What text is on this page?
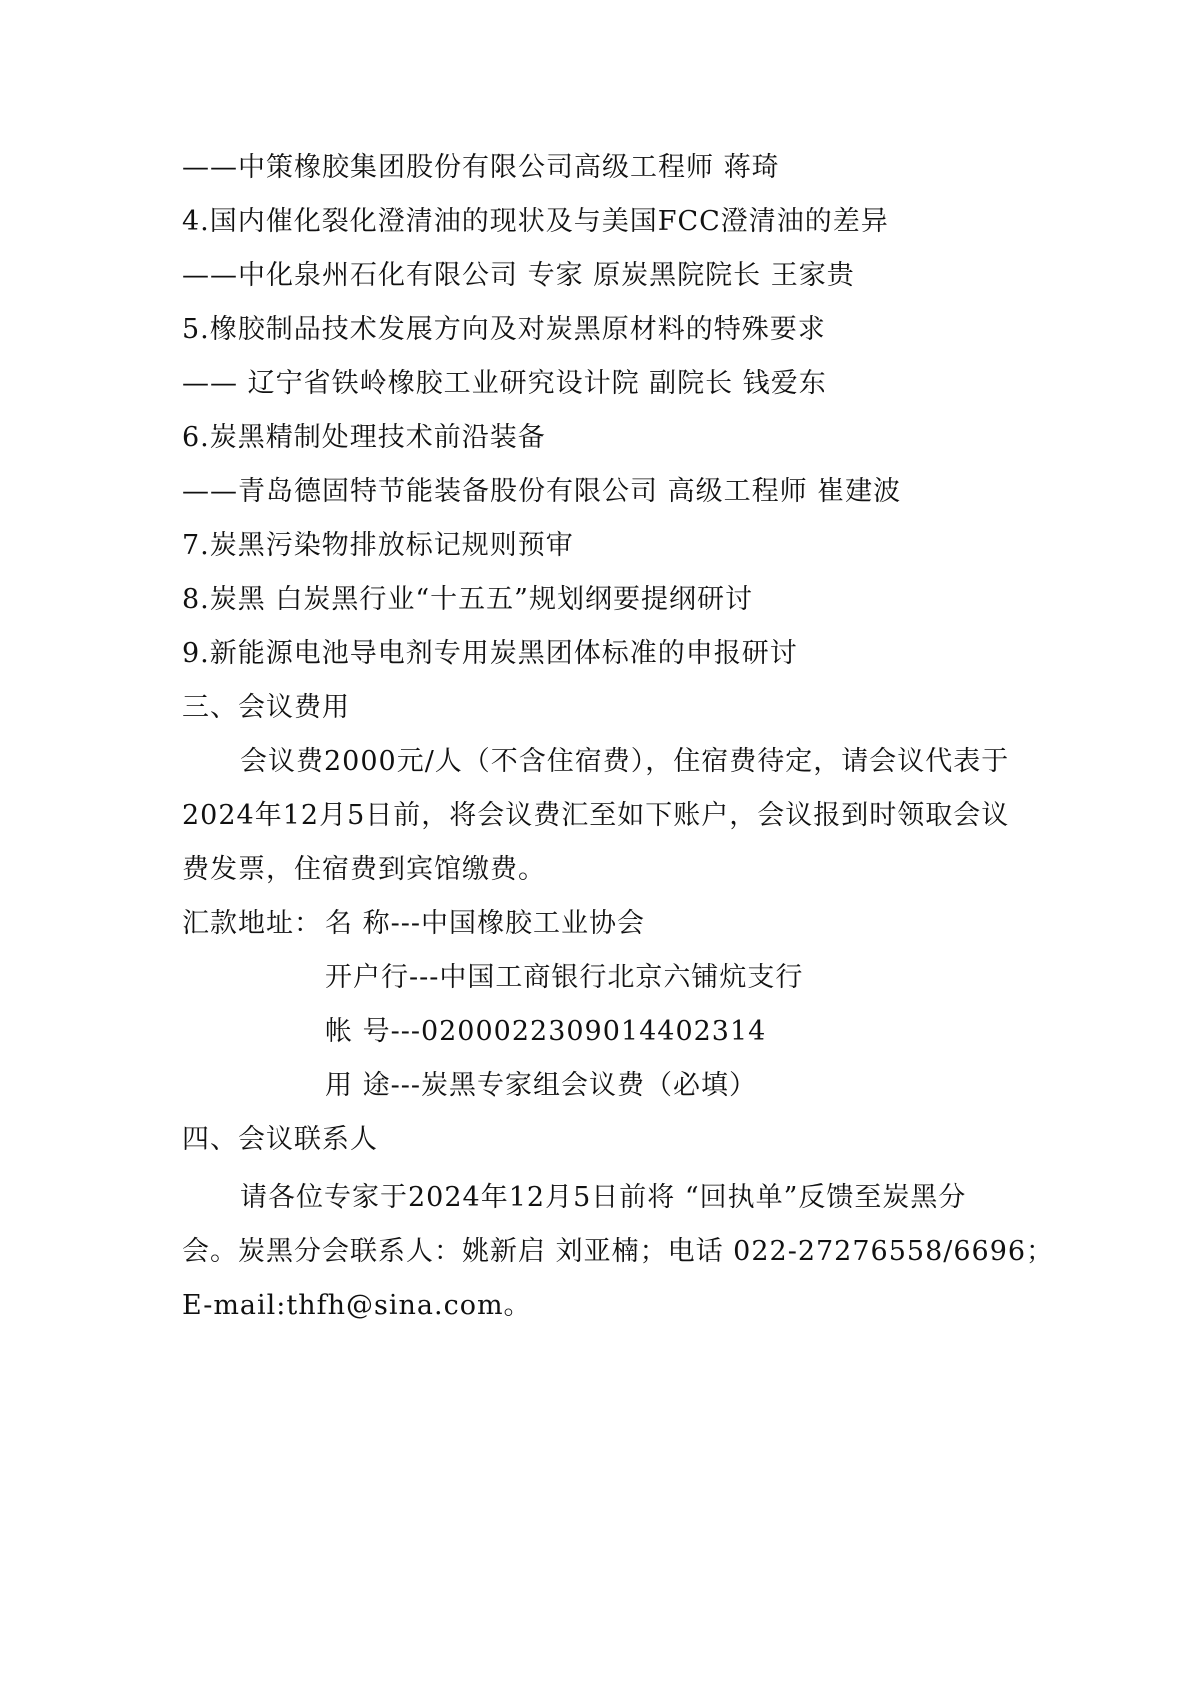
——中策橡胶集团股份有限公司高级工程师 蒋琦
4.国内催化裂化澄清油的现状及与美国FCC澄清油的差异
——中化泉州石化有限公司 专家 原炭黑院院长 王家贵
5.橡胶制品技术发展方向及对炭黑原材料的特殊要求
—— 辽宁省铁岭橡胶工业研究设计院 副院长 钱爱东
6.炭黑精制处理技术前沿装备
——青岛德固特节能装备股份有限公司 高级工程师 崔建波
7.炭黑污染物排放标记规则预审
8.炭黑 白炭黑行业“十五五”规划纲要提纲研讨
9.新能源电池导电剂专用炭黑团体标准的申报研讨
三、会议费用
会议费2000元/人（不含住宿费），住宿费待定，请会议代表于
2024年12月5日前，将会议费汇至如下账户，会议报到时领取会议
费发票，住宿费到宾馆缴费。
汇款地址： 名 称---中国橡胶工业协会
开户行---中国工商银行北京六铺炕支行
帐 号---0200022309014402314
用 途---炭黑专家组会议费（必填）
四、会议联系人
请各位专家于2024年12月5日前将 “回执单”反馈至炭黑分
会。炭黑分会联系人：姚新启 刘亚楠；电话 022-27276558/6696；
E-mail:thfh@sina.com。
